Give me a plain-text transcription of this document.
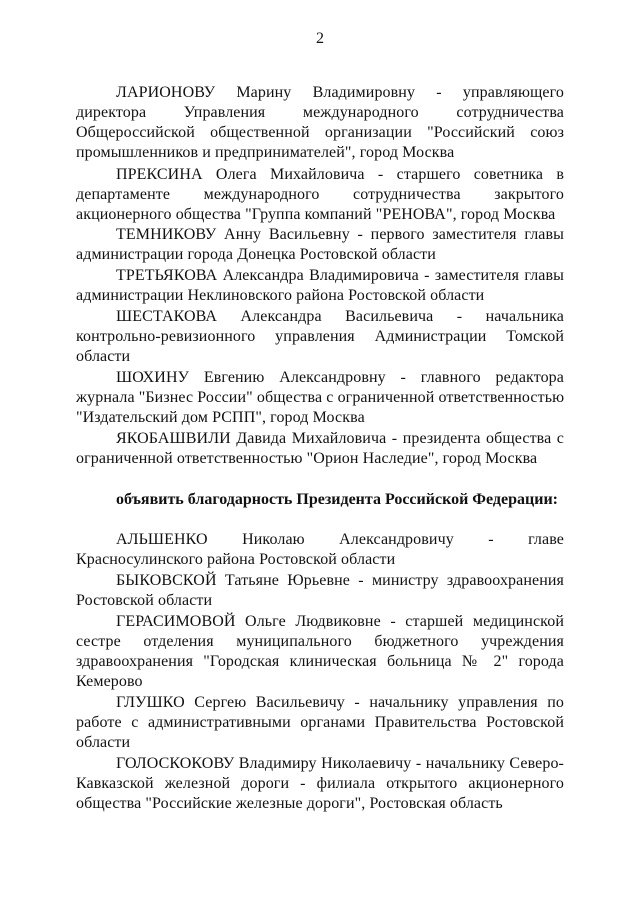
2
ЛАРИОНОВУ Марину Владимировну - управляющего
директора Управления международного сотрудничества
Общероссийской общественной организации "Российский союз
промышленников и предпринимателей", город Москва
ПРЕКСИНА Олега Михайловича - старшего советника в
департаменте международного сотрудничества закрытого
акционерного общества "Группа компаний "РЕНОВА", город Москва
ТЕМНИКОВУ Анну Васильевну - первого заместителя главы
администрации города Донецка Ростовской области
ТРЕТЬЯКОВА Александра Владимировича - заместителя главы
администрации Неклиновского района Ростовской области
ШЕСТАКОВА Александра Васильевича - начальника
контрольно-ревизионного управления Администрации Томской
области
ШОХИНУ Евгению Александровну - главного редактора
журнала "Бизнес России" общества с ограниченной ответственностью
"Издательский дом РСПП", город Москва
ЯКОБАШВИЛИ Давида Михайловича - президента общества с
ограниченной ответственностью "Орион Наследие", город Москва
объявить благодарность Президента Российской Федерации:
АЛЬШЕНКО Николаю Александровичу - главе
Красносулинского района Ростовской области
БЫКОВСКОЙ Татьяне Юрьевне - министру здравоохранения
Ростовской области
ГЕРАСИМОВОЙ Ольге Людвиковне - старшей медицинской
сестре отделения муниципального бюджетного учреждения
здравоохранения "Городская клиническая больница № 2" города
Кемерово
ГЛУШКО Сергею Васильевичу - начальнику управления по
работе с административными органами Правительства Ростовской
области
ГОЛОСКОКОВУ Владимиру Николаевичу - начальнику Северо-
Кавказской железной дороги - филиала открытого акционерного
общества "Российские железные дороги", Ростовская область
